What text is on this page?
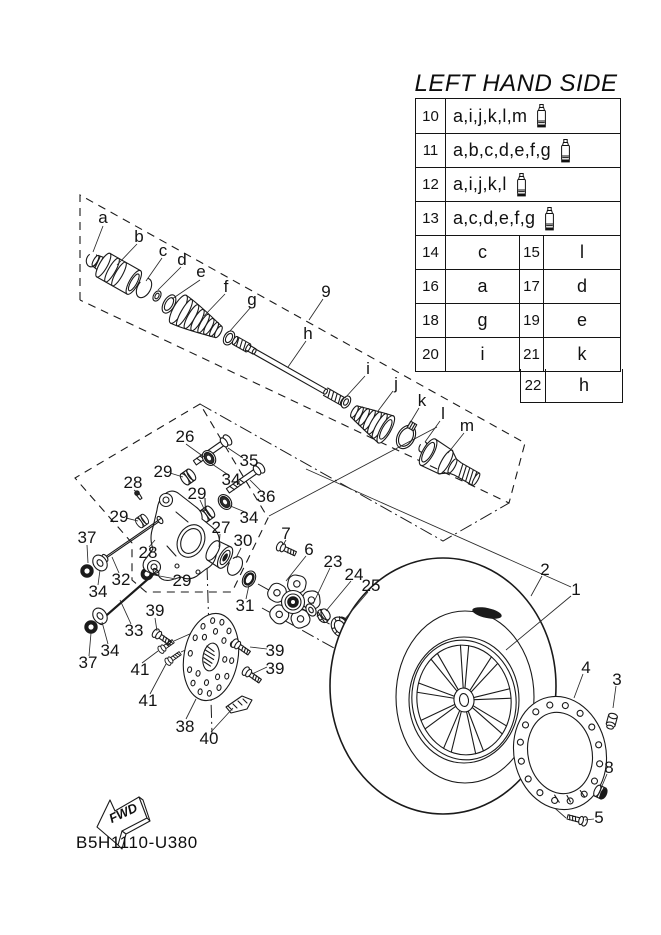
a
b
c d
e
f
g
h
9
i
j
k
l
m
26
35
34
36
29
28
29
34
29
27
30
37
28
32
34
29
31
33
34
37
39
41
41
38
40
39
39
7
6
23
24
25
2
1
4
3
8
5
FWD
LEFT HAND SIDE
10 a,i,j,k,l,m
11 a,b,c,d,e,f,g
12 a,i,j,k,l
13 a,c,d,e,f,g
14	c	15	l
16	a	17	d
18	g	19	e
20	i	21	k
22	h
B5H1110-U380
